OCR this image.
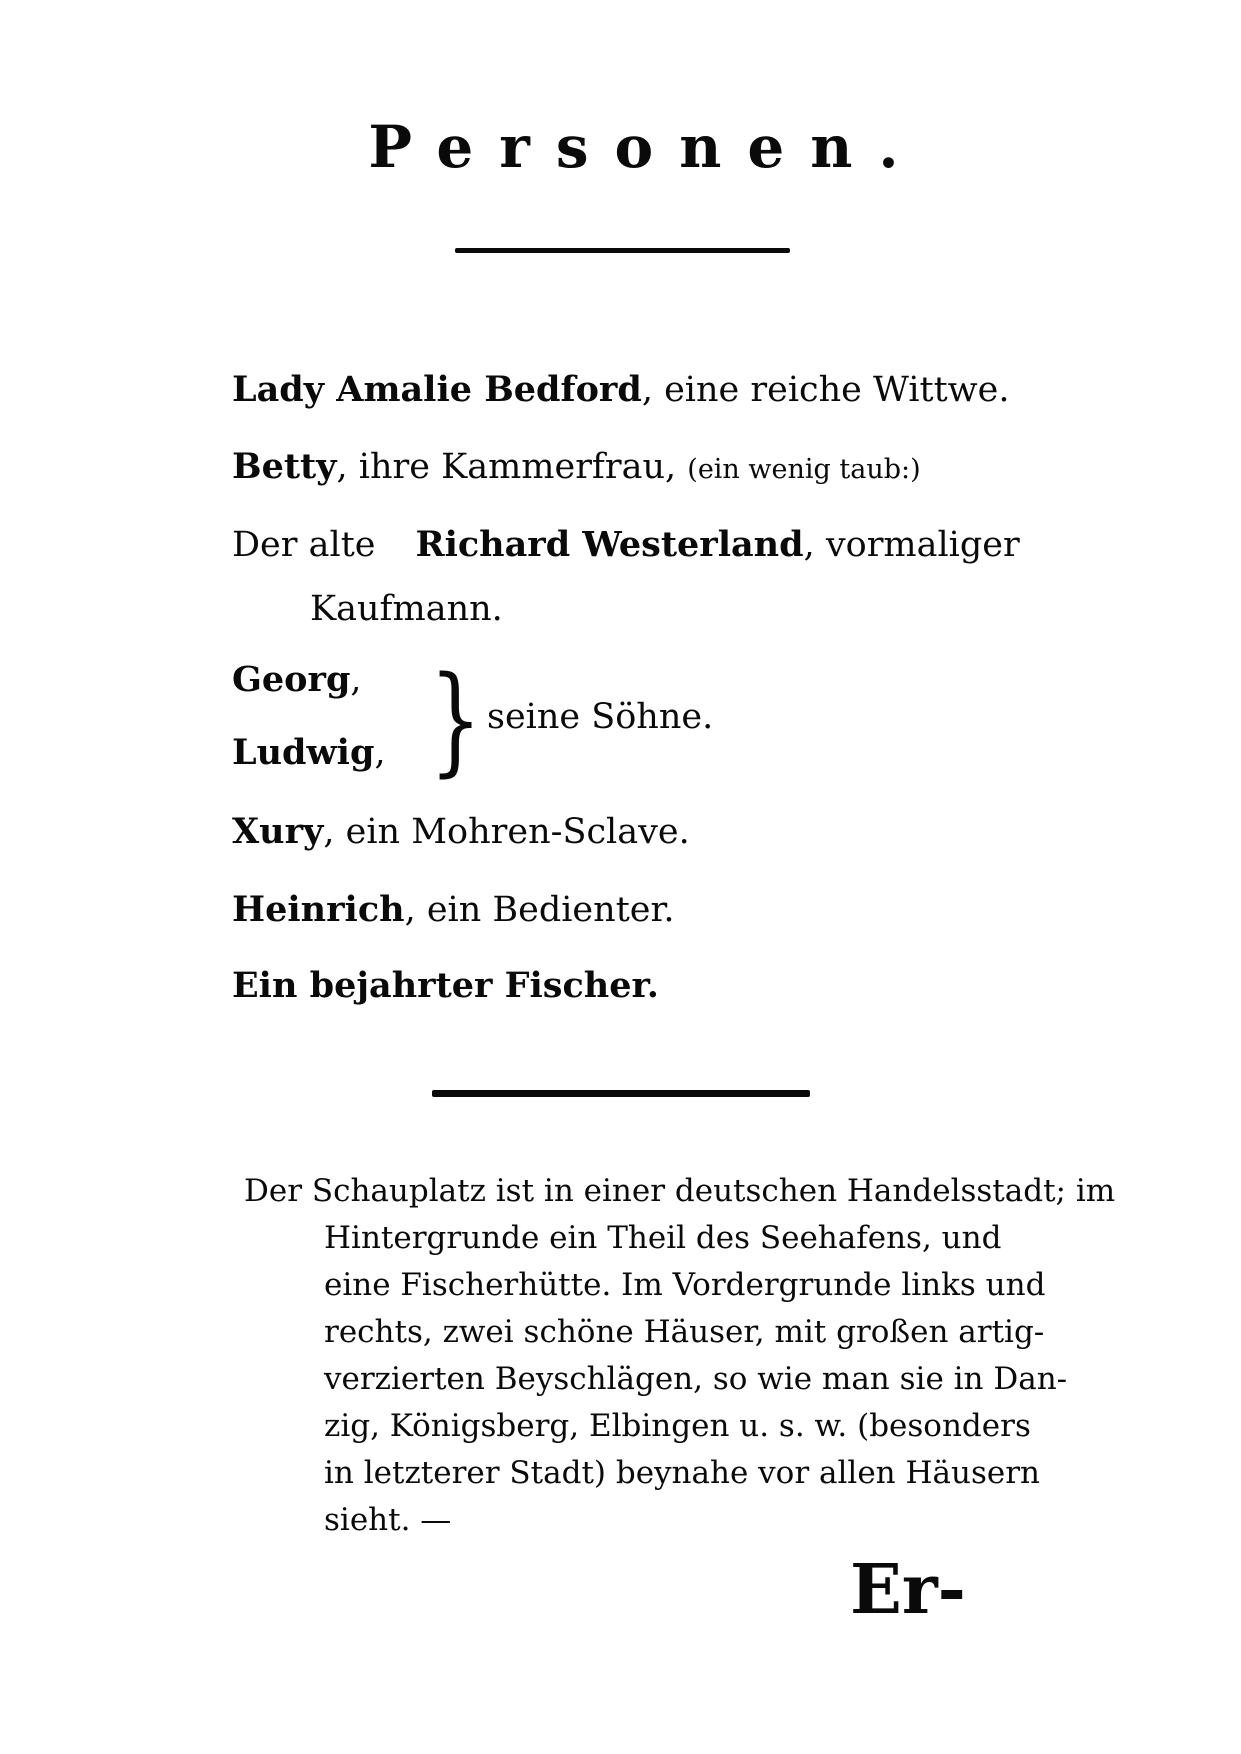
Personen.
Lady Amalie Bedford, eine reiche Wittwe.
Betty, ihre Kammerfrau, (ein wenig taub:)
Der alte Richard Westerland, vormaliger
Kaufmann.
Georg,
Ludwig, } seine Söhne.
Xury, ein Mohren-Sclave.
Heinrich, ein Bedienter.
Ein bejahrter Fischer.
Der Schauplatz ist in einer deutschen Handelsstadt; im
Hintergrunde ein Theil des Seehafens, und
eine Fischerhütte. Im Vordergrunde links und
rechts, zwei schöne Häuser, mit großen artig-
verzierten Beyschlägen, so wie man sie in Dan-
zig, Königsberg, Elbingen u. s. w. (besonders
in letzterer Stadt) beynahe vor allen Häusern
sieht. —
Er-
